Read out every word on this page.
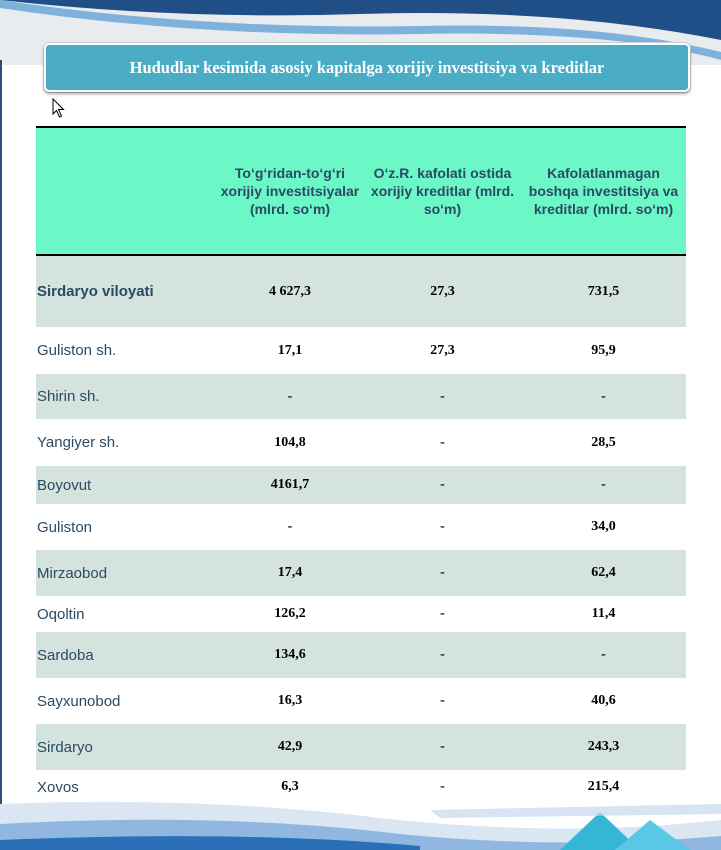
Hududlar kesimida asosiy kapitalga xorijiy investitsiya va kreditlar
	To‘g‘ridan-to‘g‘ri xorijiy investitsiyalar (mlrd. so‘m)	O‘z.R. kafolati ostida xorijiy kreditlar (mlrd. so‘m)	Kafolatlanmagan boshqa investitsiya va kreditlar (mlrd. so‘m)
Sirdaryo viloyati	4 627,3	27,3	731,5
Guliston sh.	17,1	27,3	95,9
Shirin sh.	-	-	-
Yangiyer sh.	104,8	-	28,5
Boyovut	4161,7	-	-
Guliston	-	-	34,0
Mirzaobod	17,4	-	62,4
Oqoltin	126,2	-	11,4
Sardoba	134,6	-	-
Sayxunobod	16,3	-	40,6
Sirdaryo	42,9	-	243,3
Xovos	6,3	-	215,4
